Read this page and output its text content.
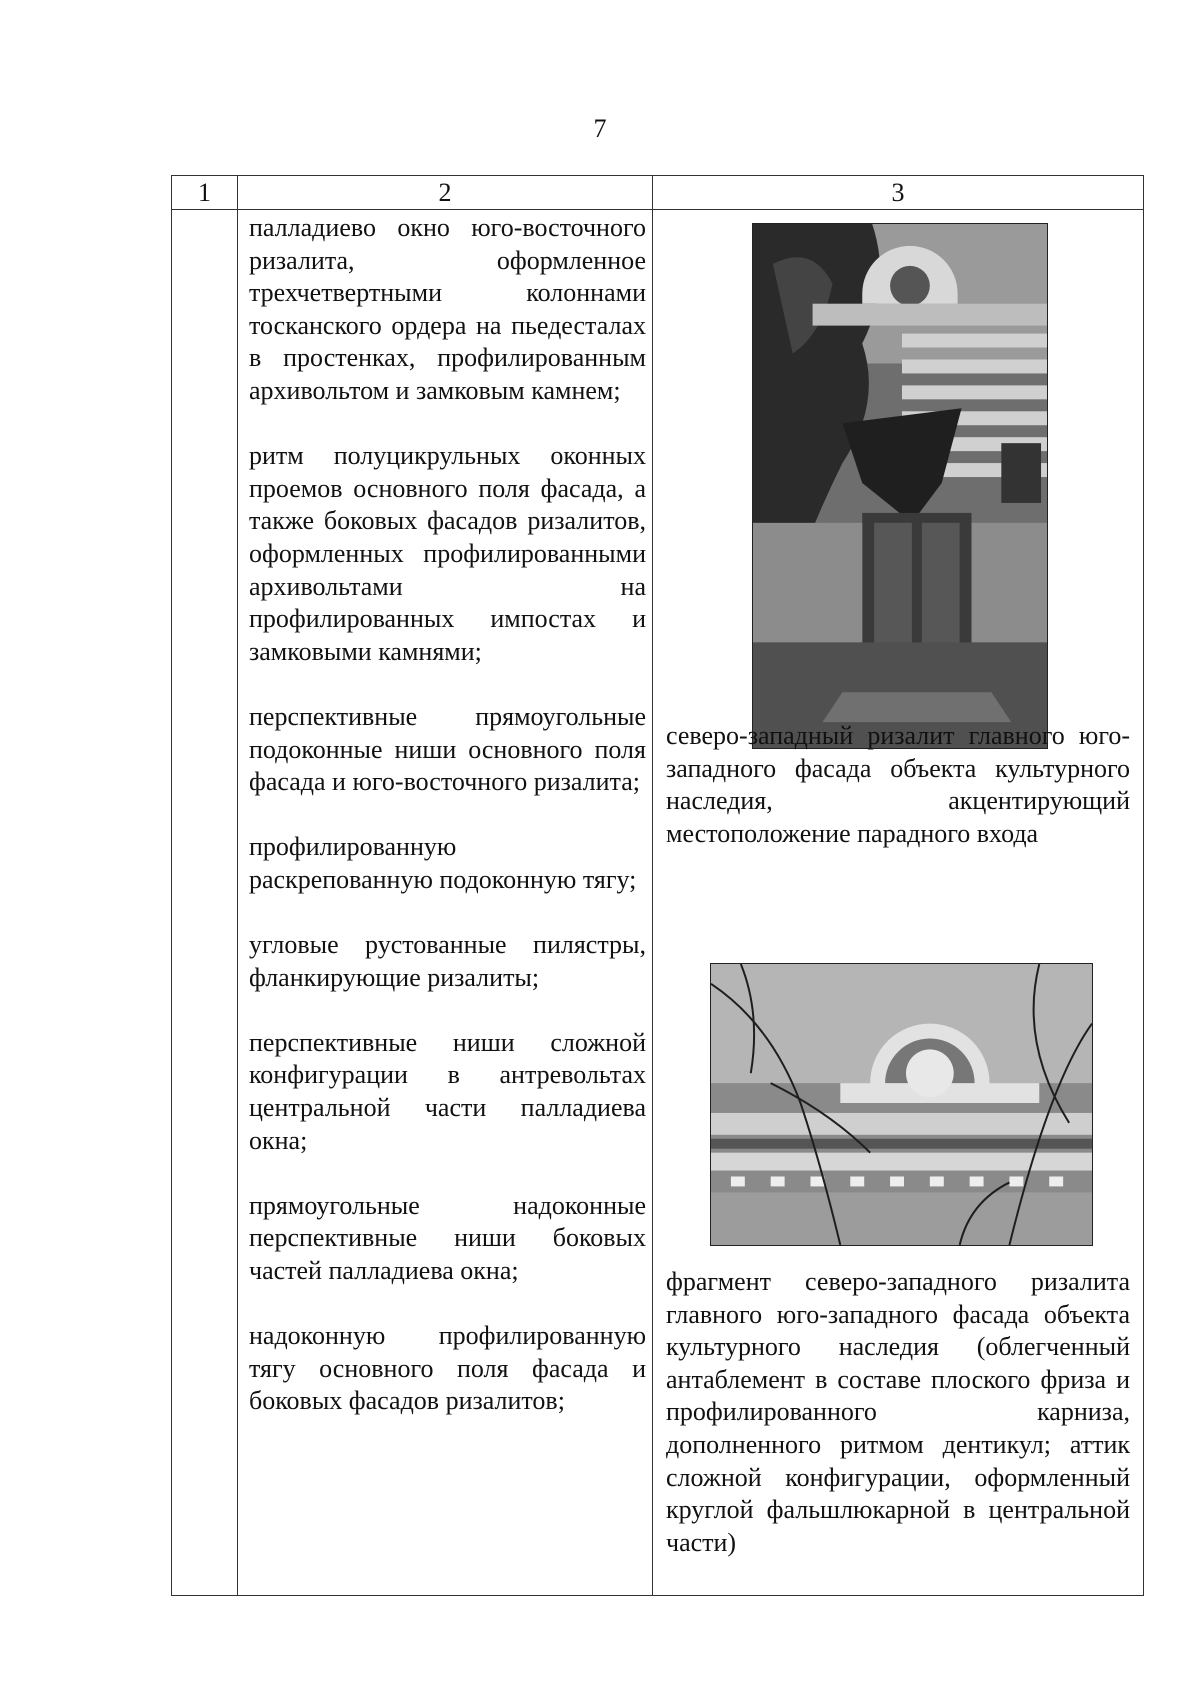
7
1	2	3

палладиево окно юго-восточного ризалита, оформленное трехчетвертными колоннами тосканского ордера на пьедесталах в простенках, профилированным архивольтом и замковым камнем;

ритм полуцикрульных оконных проемов основного поля фасада, а также боковых фасадов ризалитов, оформленных профилированными архивольтами на профилированных импостах и замковыми камнями;

перспективные прямоугольные подоконные ниши основного поля фасада и юго-восточного ризалита;

профилированную раскрепованную подоконную тягу;

угловые рустованные пилястры, фланкирующие ризалиты;

перспективные ниши сложной конфигурации в антревольтах центральной части палладиева окна;

прямоугольные надоконные перспективные ниши боковых частей палладиева окна;

надоконную профилированную тягу основного поля фасада и боковых фасадов ризалитов;

северо-западный ризалит главного юго-западного фасада объекта культурного наследия, акцентирующий местоположение парадного входа

фрагмент северо-западного ризалита главного юго-западного фасада объекта культурного наследия (облегченный антаблемент в составе плоского фриза и профилированного карниза, дополненного ритмом дентикул; аттик сложной конфигурации, оформленный круглой фальшлюкарной в центральной части)
